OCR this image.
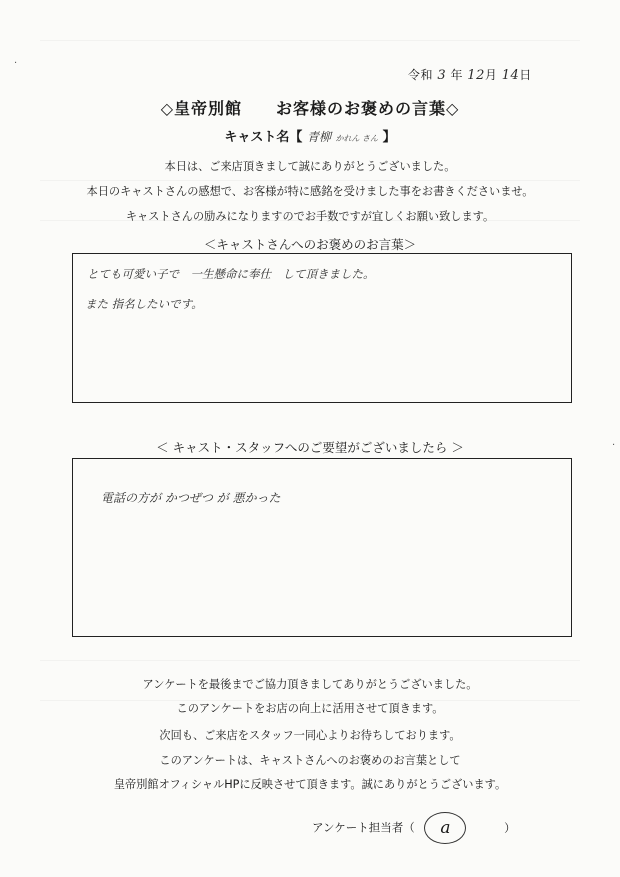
·
·
令和 3 年 12月 14日
◇皇帝別館　　お客様のお褒めの言葉◇
キャスト名【 青柳 かれん さん 】
本日は、ご来店頂きまして誠にありがとうございました。
本日のキャストさんの感想で、お客様が特に感銘を受けました事をお書きくださいませ。
キャストさんの励みになりますのでお手数ですが宜しくお願い致します。
＜キャストさんへのお褒めのお言葉＞
とても可愛い子で　一生懸命に奉仕　して頂きました。
また 指名したいです。
＜ キャスト・スタッフへのご要望がございましたら ＞
電話の方が かつぜつ が 悪かった
アンケートを最後までご協力頂きましてありがとうございました。
このアンケートをお店の向上に活用させて頂きます。
次回も、ご来店をスタッフ一同心よりお待ちしております。
このアンケートは、キャストさんへのお褒めのお言葉として
皇帝別館オフィシャルHPに反映させて頂きます。誠にありがとうございます。
アンケート担当者（ a	）
